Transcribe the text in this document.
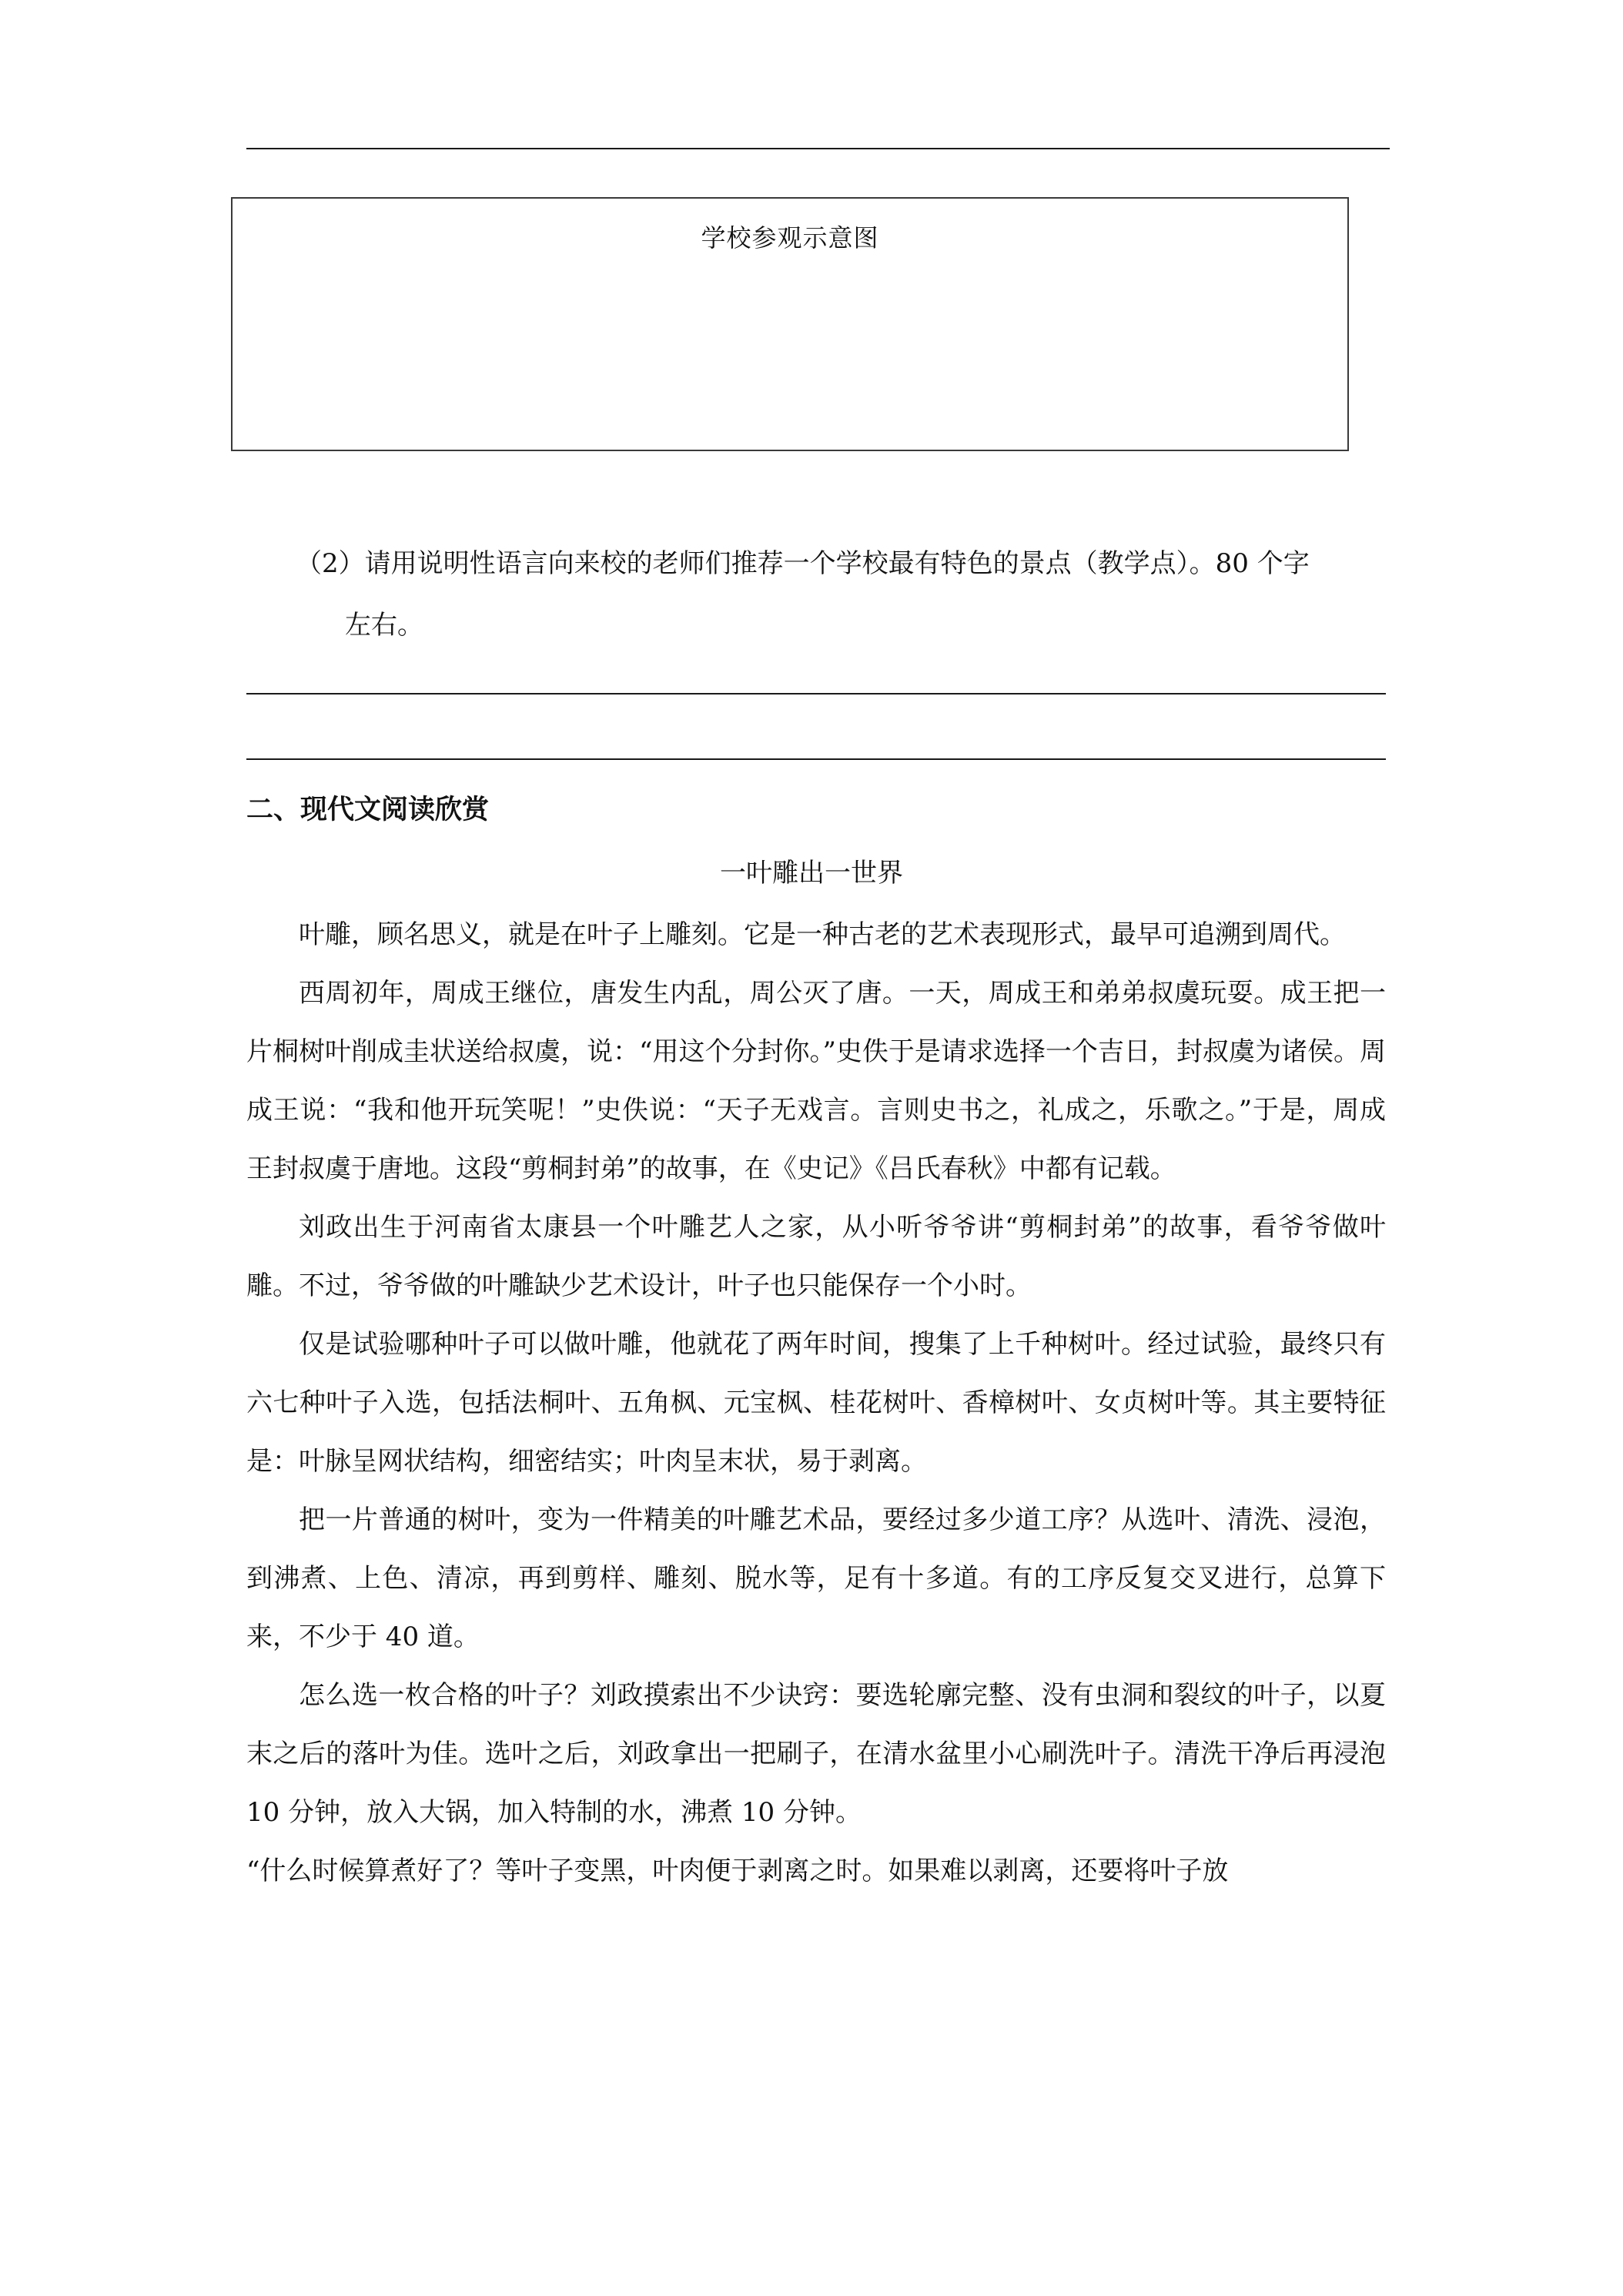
学校参观示意图
（2）请用说明性语言向来校的老师们推荐一个学校最有特色的景点（教学点）。80 个字
左右。
二、现代文阅读欣赏
一叶雕出一世界

叶雕，顾名思义，就是在叶子上雕刻。它是一种古老的艺术表现形式，最早可追溯到周代。

西周初年，周成王继位，唐发生内乱，周公灭了唐。一天，周成王和弟弟叔虞玩耍。成王把一片桐树叶削成圭状送给叔虞，说：“用这个分封你。”史佚于是请求选择一个吉日，封叔虞为诸侯。周成王说：“我和他开玩笑呢！”史佚说：“天子无戏言。言则史书之，礼成之，乐歌之。”于是，周成王封叔虞于唐地。这段“剪桐封弟”的故事，在《史记》《吕氏春秋》中都有记载。

刘政出生于河南省太康县一个叶雕艺人之家，从小听爷爷讲“剪桐封弟”的故事，看爷爷做叶雕。不过，爷爷做的叶雕缺少艺术设计，叶子也只能保存一个小时。

仅是试验哪种叶子可以做叶雕，他就花了两年时间，搜集了上千种树叶。经过试验，最终只有六七种叶子入选，包括法桐叶、五角枫、元宝枫、桂花树叶、香樟树叶、女贞树叶等。其主要特征是：叶脉呈网状结构，细密结实；叶肉呈末状，易于剥离。

把一片普通的树叶，变为一件精美的叶雕艺术品，要经过多少道工序？从选叶、清洗、浸泡，到沸煮、上色、清凉，再到剪样、雕刻、脱水等，足有十多道。有的工序反复交叉进行，总算下来，不少于 40 道。

怎么选一枚合格的叶子？刘政摸索出不少诀窍：要选轮廓完整、没有虫洞和裂纹的叶子，以夏末之后的落叶为佳。选叶之后，刘政拿出一把刷子，在清水盆里小心刷洗叶子。清洗干净后再浸泡 10 分钟，放入大锅，加入特制的水，沸煮 10 分钟。

“什么时候算煮好了？等叶子变黑，叶肉便于剥离之时。如果难以剥离，还要将叶子放
